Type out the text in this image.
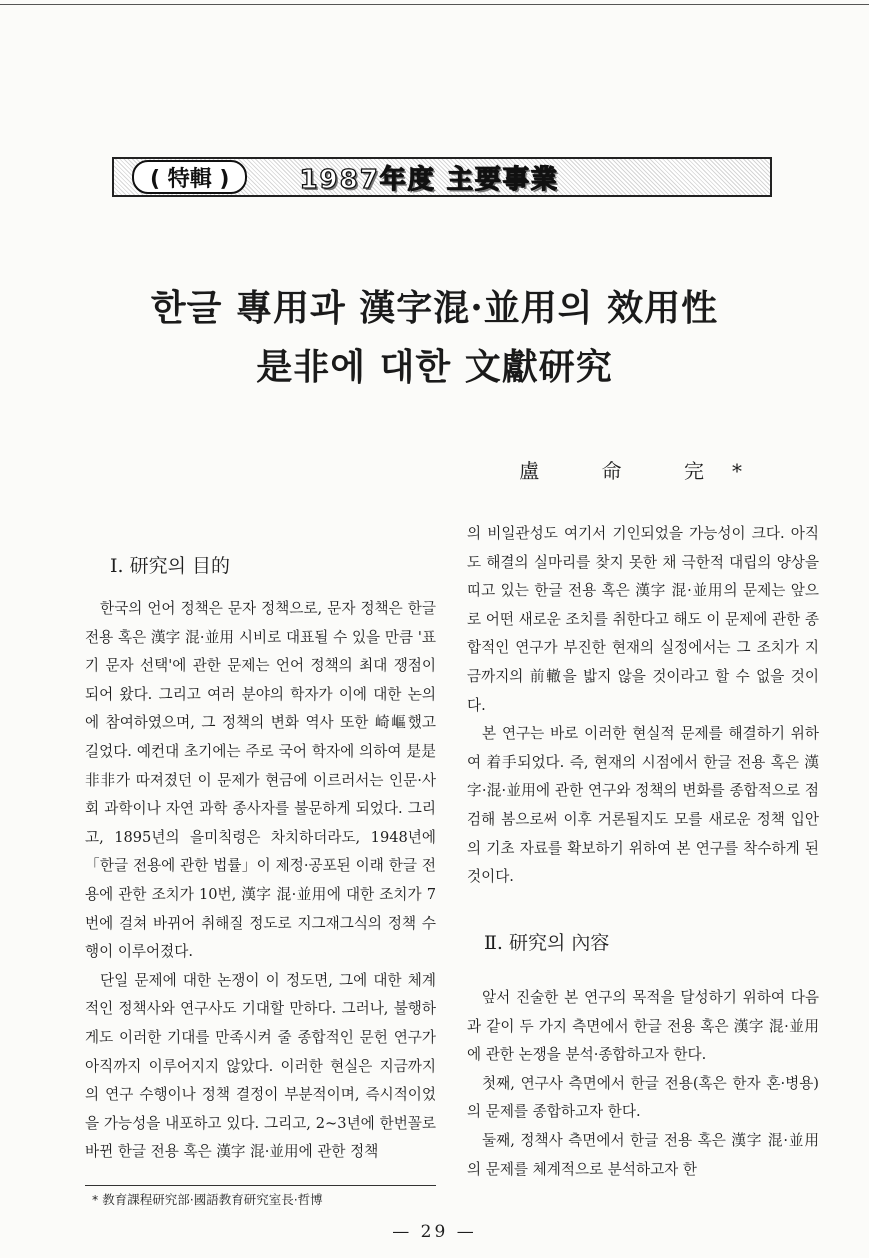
( 特輯 )	1987年度 主要事業
한글 專用과 漢字混·並用의 效用性
是非에 대한 文獻研究
盧 命 完*
Ⅰ. 研究의 目的

한국의 언어 정책은 문자 정책으로, 문자 정책은 한글 전용 혹은 漢字 混·並用 시비로 대표될 수 있을 만큼 '표기 문자 선택'에 관한 문제는 언어 정책의 최대 쟁점이 되어 왔다. 그리고 여러 분야의 학자가 이에 대한 논의에 참여하였으며, 그 정책의 변화 역사 또한 崎嶇했고 길었다. 예컨대 초기에는 주로 국어 학자에 의하여 是是非非가 따져졌던 이 문제가 현금에 이르러서는 인문·사회 과학이나 자연 과학 종사자를 불문하게 되었다. 그리고, 1895년의 을미칙령은 차치하더라도, 1948년에 「한글 전용에 관한 법률」이 제정·공포된 이래 한글 전용에 관한 조치가 10번, 漢字 混·並用에 대한 조치가 7번에 걸쳐 바뀌어 취해질 정도로 지그재그식의 정책 수행이 이루어졌다.

단일 문제에 대한 논쟁이 이 정도면, 그에 대한 체계적인 정책사와 연구사도 기대할 만하다. 그러나, 불행하게도 이러한 기대를 만족시켜 줄 종합적인 문헌 연구가 아직까지 이루어지지 않았다. 이러한 현실은 지금까지의 연구 수행이나 정책 결정이 부분적이며, 즉시적이었을 가능성을 내포하고 있다. 그리고, 2~3년에 한번꼴로 바뀐 한글 전용 혹은 漢字 混·並用에 관한 정책

의 비일관성도 여기서 기인되었을 가능성이 크다. 아직도 해결의 실마리를 찾지 못한 채 극한적 대립의 양상을 띠고 있는 한글 전용 혹은 漢字 混·並用의 문제는 앞으로 어떤 새로운 조치를 취한다고 해도 이 문제에 관한 종합적인 연구가 부진한 현재의 실정에서는 그 조치가 지금까지의 前轍을 밟지 않을 것이라고 할 수 없을 것이다.

본 연구는 바로 이러한 현실적 문제를 해결하기 위하여 着手되었다. 즉, 현재의 시점에서 한글 전용 혹은 漢字·混·並用에 관한 연구와 정책의 변화를 종합적으로 점검해 봄으로써 이후 거론될지도 모를 새로운 정책 입안의 기초 자료를 확보하기 위하여 본 연구를 착수하게 된 것이다.

Ⅱ. 研究의 內容

앞서 진술한 본 연구의 목적을 달성하기 위하여 다음과 같이 두 가지 측면에서 한글 전용 혹은 漢字 混·並用에 관한 논쟁을 분석·종합하고자 한다.

첫째, 연구사 측면에서 한글 전용(혹은 한자 혼·병용)의 문제를 종합하고자 한다.

둘째, 정책사 측면에서 한글 전용 혹은 漢字 混·並用의 문제를 체계적으로 분석하고자 한

* 教育課程研究部·國語教育研究室長·哲博
— 29 —
